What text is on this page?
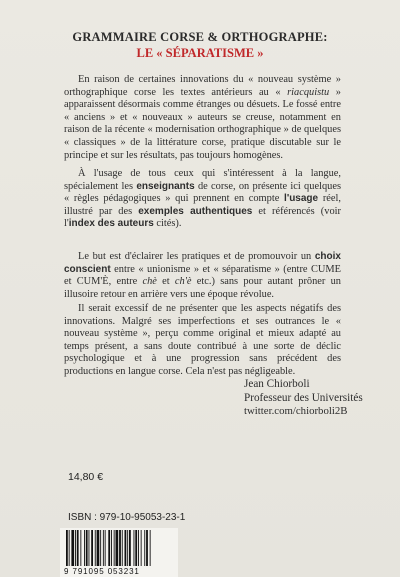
GRAMMAIRE CORSE & ORTHOGRAPHE:
LE « SÉPARATISME »

En raison de certaines innovations du « nouveau système » orthographique corse les textes antérieurs au « riacquistu » apparaissent désormais comme étranges ou désuets. Le fossé entre « anciens » et « nouveaux » auteurs se creuse, notamment en raison de la récente « modernisation orthographique » de quelques « classiques » de la littérature corse, pratique discutable sur le principe et sur les résultats, pas toujours homogènes.

À l'usage de tous ceux qui s'intéressent à la langue, spécialement les enseignants de corse, on présente ici quelques « règles pédagogiques » qui prennent en compte l'usage réel, illustré par des exemples authentiques et référencés (voir l'index des auteurs cités).

Le but est d'éclairer les pratiques et de promouvoir un choix conscient entre « unionisme » et « séparatisme » (entre CUME et CUM'È, entre chè et ch'è etc.) sans pour autant prôner un illusoire retour en arrière vers une époque révolue.

Il serait excessif de ne présenter que les aspects négatifs des innovations. Malgré ses imperfections et ses outrances le « nouveau système », perçu comme original et mieux adapté au temps présent, a sans doute contribué à une sorte de déclic psychologique et à une progression sans précédent des productions en langue corse. Cela n'est pas négligeable.

Jean Chiorboli
Professeur des Universités
twitter.com/chiorboli2B
14,80 €
ISBN : 979-10-95053-23-1
9 791095 053231
